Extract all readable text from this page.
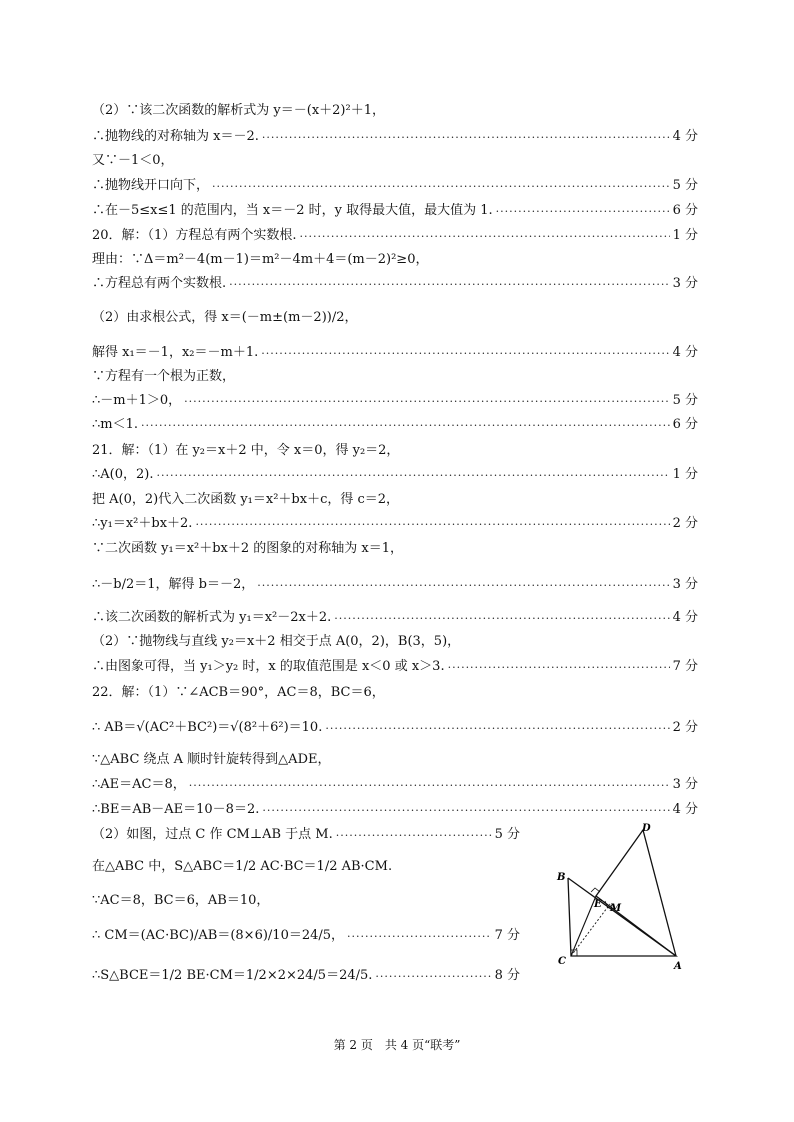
（2）∵该二次函数的解析式为 y＝－(x＋2)²＋1，
∴抛物线的对称轴为 x＝－2. .....	4 分
又∵－1＜0，
∴抛物线开口向下， .....	5 分
∴在－5≤x≤1 的范围内，当 x＝－2 时，y 取得最大值，最大值为 1. .....	6 分
20．解：（1）方程总有两个实数根. .....	1 分
理由：∵Δ＝m²－4(m－1)＝m²－4m＋4＝(m－2)²≥0，
∴方程总有两个实数根. .....	3 分
（2）由求根公式，得 x＝(－m±(m－2))/2，
解得 x₁＝－1，x₂＝－m＋1. .....	4 分
∵方程有一个根为正数，
∴－m＋1＞0， .....	5 分
∴m＜1. .....	6 分
21．解：（1）在 y₂＝x＋2 中，令 x＝0，得 y₂＝2，
∴A(0，2). .....	1 分
把 A(0，2)代入二次函数 y₁＝x²＋bx＋c，得 c＝2，
∴y₁＝x²＋bx＋2. .....	2 分
∵二次函数 y₁＝x²＋bx＋2 的图象的对称轴为 x＝1，
∴－b/2＝1，解得 b＝－2， .....	3 分
∴该二次函数的解析式为 y₁＝x²－2x＋2. .....	4 分
（2）∵抛物线与直线 y₂＝x＋2 相交于点 A(0，2)，B(3，5)，
∴由图象可得，当 y₁＞y₂ 时，x 的取值范围是 x＜0 或 x＞3. .....	7 分
22．解：（1）∵∠ACB＝90°，AC＝8，BC＝6，
∴ AB＝√(AC²＋BC²)＝√(8²＋6²)＝10. .....	2 分
∵△ABC 绕点 A 顺时针旋转得到△ADE，
∴AE＝AC＝8， .....	3 分
∴BE＝AB－AE＝10－8＝2. .....	4 分
（2）如图，过点 C 作 CM⊥AB 于点 M. .....	5 分
在△ABC 中，S△ABC＝1/2 AC·BC＝1/2 AB·CM.
∵AC＝8，BC＝6，AB＝10，
∴ CM＝(AC·BC)/AB＝(8×6)/10＝24/5， .....	7 分
∴S△BCE＝1/2 BE·CM＝1/2×2×24/5＝24/5. .....	8 分
B
C	A
D
E M
第 2 页　共 4 页“联考”
